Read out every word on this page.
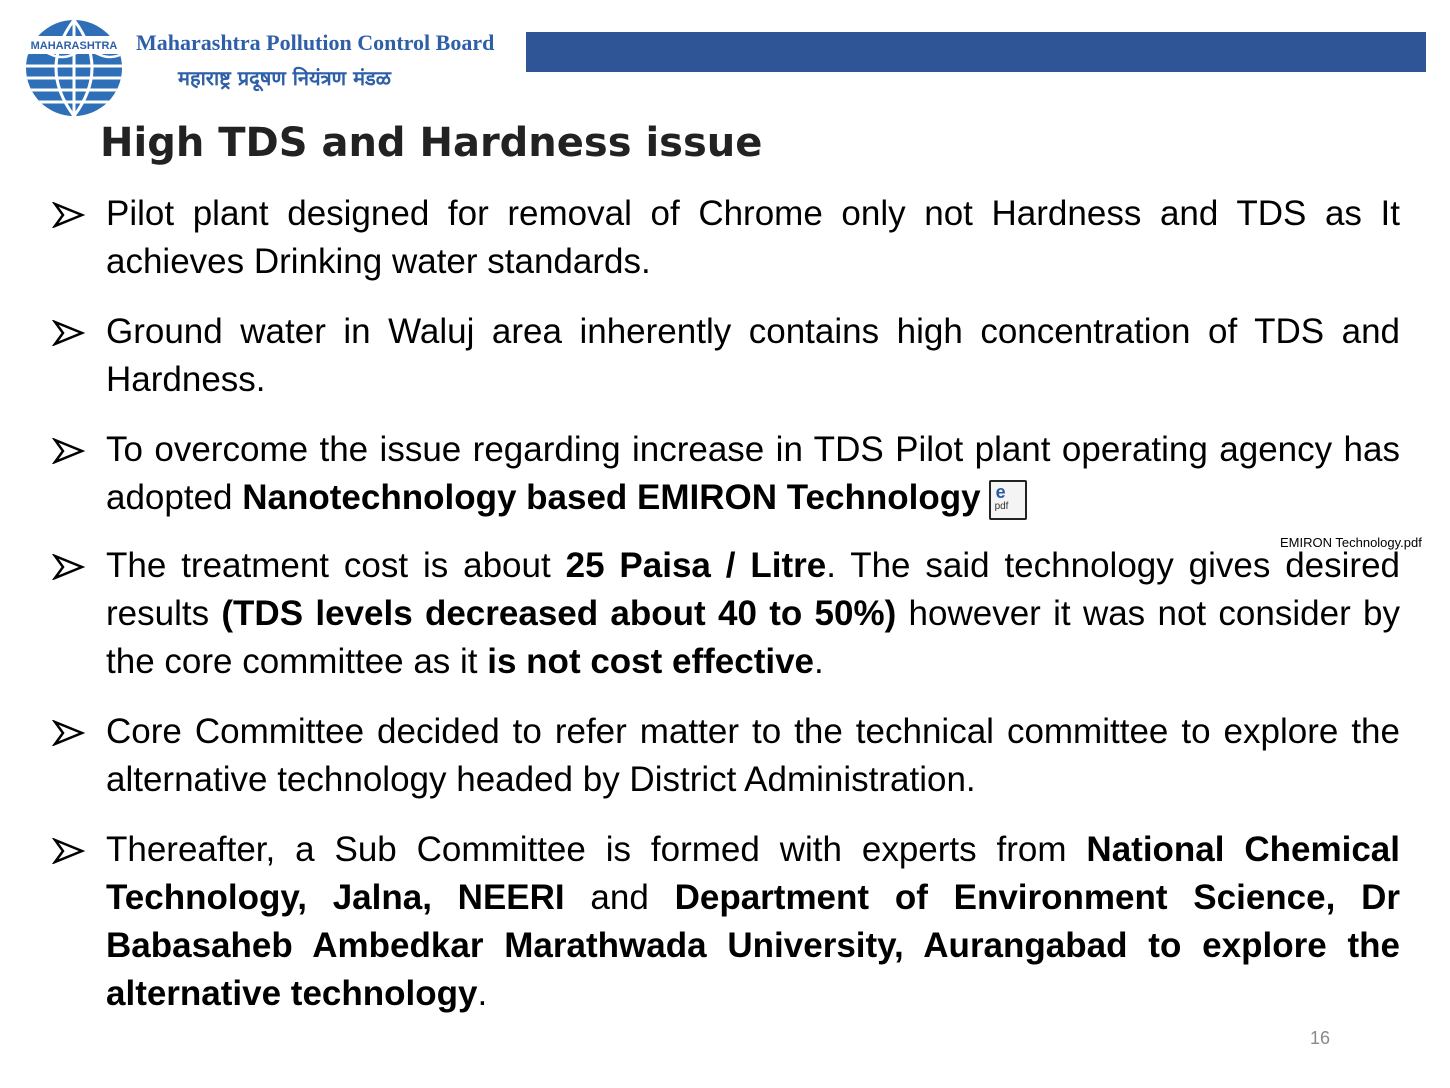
MAHARASHTRA Maharashtra Pollution Control Board
महाराष्ट्र प्रदूषण नियंत्रण मंडळ
High TDS and Hardness issue
Pilot plant designed for removal of Chrome only not Hardness and TDS as It achieves Drinking water standards.
Ground water in Waluj area inherently contains high concentration of TDS and Hardness.
To overcome the issue regarding increase in TDS Pilot plant operating agency has adopted Nanotechnology based EMIRON Technology e
pdf
The treatment cost is about 25 Paisa / Litre. The said technology gives desired results (TDS levels decreased about 40 to 50%) however it was not consider by the core committee as it is not cost effective.
Core Committee decided to refer matter to the technical committee to explore the alternative technology headed by District Administration.
Thereafter, a Sub Committee is formed with experts from National Chemical Technology, Jalna, NEERI and Department of Environment Science, Dr Babasaheb Ambedkar Marathwada University, Aurangabad to explore the alternative technology.
EMIRON Technology.pdf
16
